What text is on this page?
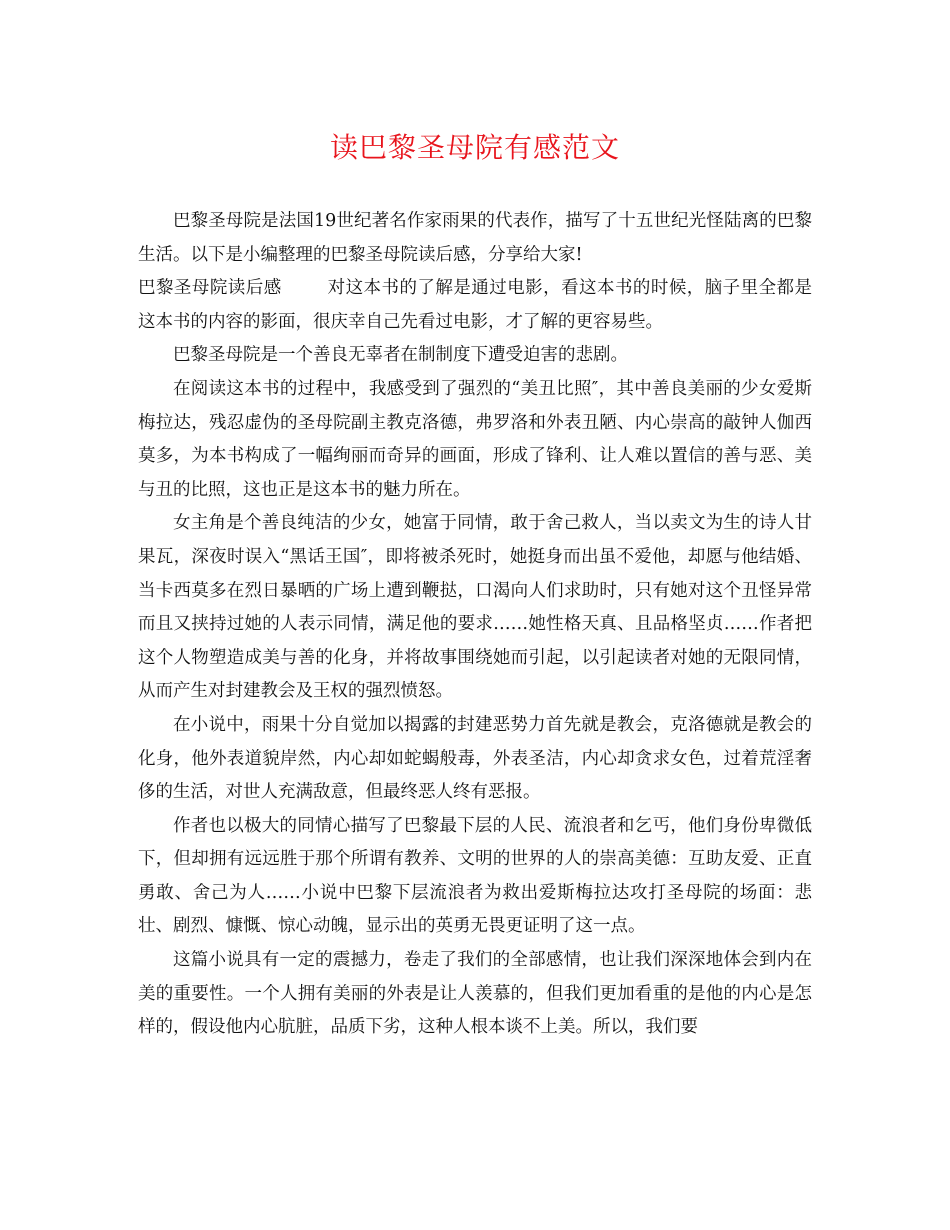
读巴黎圣母院有感范文

巴黎圣母院是法国19世纪著名作家雨果的代表作，描写了十五世纪光怪陆离的巴黎生活。以下是小编整理的巴黎圣母院读后感，分享给大家!

巴黎圣母院读后感	对这本书的了解是通过电影，看这本书的时候，脑子里全都是这本书的内容的影面，很庆幸自己先看过电影，才了解的更容易些。

巴黎圣母院是一个善良无辜者在制制度下遭受迫害的悲剧。

在阅读这本书的过程中，我感受到了强烈的“美丑比照″，其中善良美丽的少女爱斯梅拉达，残忍虚伪的圣母院副主教克洛德，弗罗洛和外表丑陋、内心崇高的敲钟人伽西莫多，为本书构成了一幅绚丽而奇异的画面，形成了锋利、让人难以置信的善与恶、美与丑的比照，这也正是这本书的魅力所在。

女主角是个善良纯洁的少女，她富于同情，敢于舍己救人，当以卖文为生的诗人甘果瓦，深夜时误入“黑话王国″，即将被杀死时，她挺身而出虽不爱他，却愿与他结婚、当卡西莫多在烈日暴晒的广场上遭到鞭挞，口渴向人们求助时，只有她对这个丑怪异常而且又挟持过她的人表示同情，满足他的要求……她性格天真、且品格坚贞……作者把这个人物塑造成美与善的化身，并将故事围绕她而引起，以引起读者对她的无限同情，从而产生对封建教会及王权的强烈愤怒。

在小说中，雨果十分自觉加以揭露的封建恶势力首先就是教会，克洛德就是教会的化身，他外表道貌岸然，内心却如蛇蝎般毒，外表圣洁，内心却贪求女色，过着荒淫奢侈的生活，对世人充满敌意，但最终恶人终有恶报。

作者也以极大的同情心描写了巴黎最下层的人民、流浪者和乞丐，他们身份卑微低下，但却拥有远远胜于那个所谓有教养、文明的世界的人的崇高美德：互助友爱、正直勇敢、舍己为人……小说中巴黎下层流浪者为救出爱斯梅拉达攻打圣母院的场面：悲壮、剧烈、慷慨、惊心动魄，显示出的英勇无畏更证明了这一点。

这篇小说具有一定的震撼力，卷走了我们的全部感情，也让我们深深地体会到内在美的重要性。一个人拥有美丽的外表是让人羡慕的，但我们更加看重的是他的内心是怎样的，假设他内心肮脏，品质下劣，这种人根本谈不上美。所以，我们要
